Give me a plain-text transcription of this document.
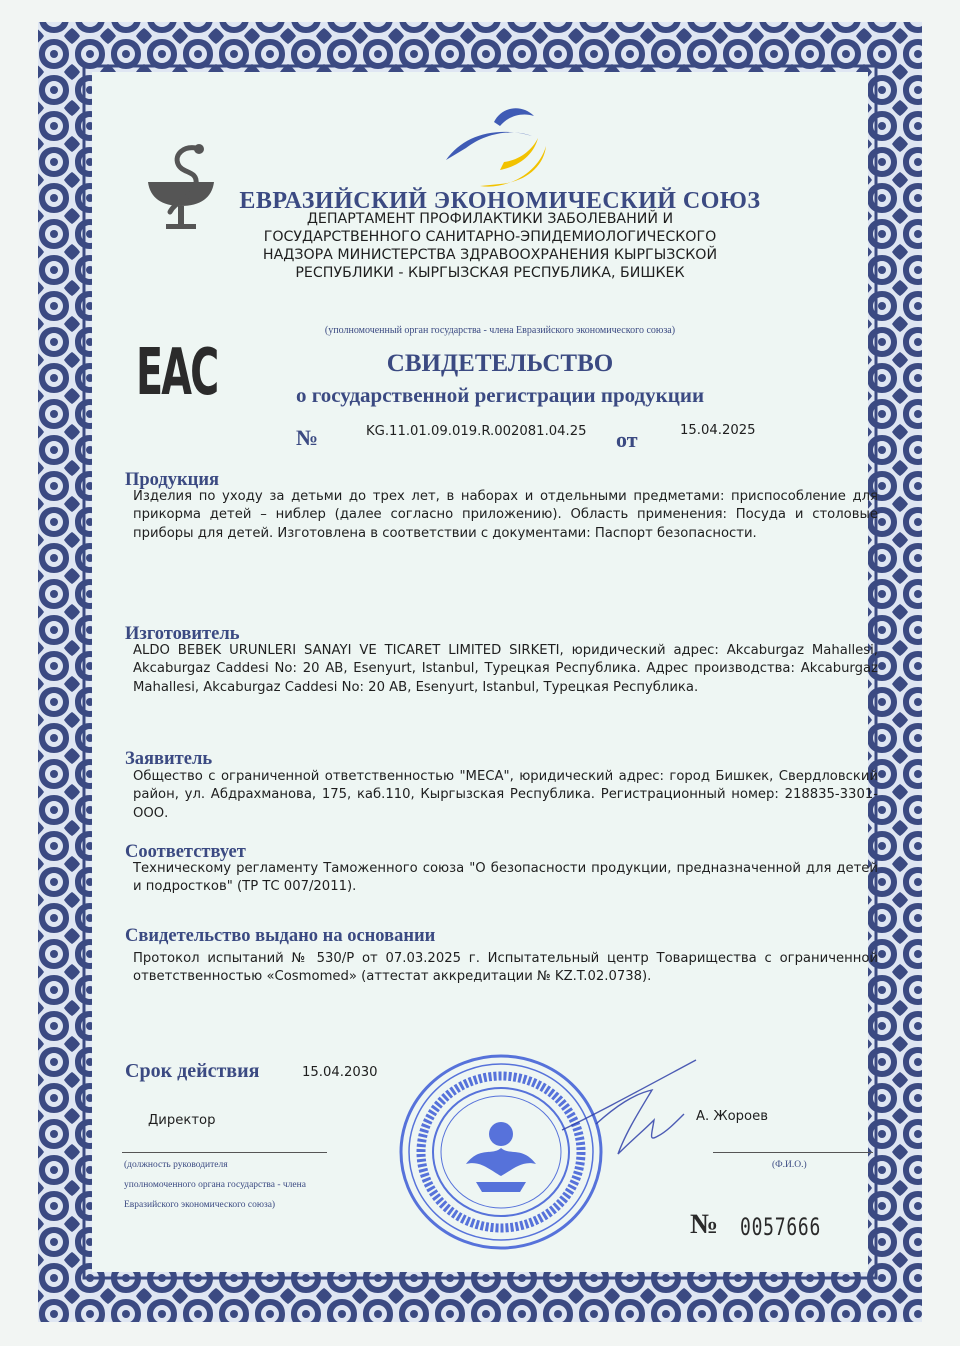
ЕВРАЗИЙСКИЙ ЭКОНОМИЧЕСКИЙ СОЮЗ
ДЕПАРТАМЕНТ ПРОФИЛАКТИКИ ЗАБОЛЕВАНИЙ И
ГОСУДАРСТВЕННОГО САНИТАРНО-ЭПИДЕМИОЛОГИЧЕСКОГО
НАДЗОРА МИНИСТЕРСТВА ЗДРАВООХРАНЕНИЯ КЫРГЫЗСКОЙ
РЕСПУБЛИКИ - КЫРГЫЗСКАЯ РЕСПУБЛИКА, БИШКЕК
(уполномоченный орган государства - члена Евразийского экономического союза)
ЕАС	СВИДЕТЕЛЬСТВО
о государственной регистрации продукции
№	KG.11.01.09.019.R.002081.04.25 от	15.04.2025
Продукция
Изделия по уходу за детьми до трех лет, в наборах и отдельными предметами: приспособление для прикорма детей – ниблер (далее согласно приложению). Область применения: Посуда и столовые приборы для детей. Изготовлена в соответствии с документами: Паспорт безопасности.
Изготовитель
ALDO BEBEK URUNLERI SANAYI VE TICARET LIMITED SIRKETI, юридический адрес: Akcaburgaz Mahallesi, Akcaburgaz Caddesi No: 20 AB, Esenyurt, Istanbul, Турецкая Республика. Адрес производства: Akcaburgaz Mahallesi, Akcaburgaz Caddesi No: 20 AB, Esenyurt, Istanbul, Турецкая Республика.
Заявитель
Общество с ограниченной ответственностью "МЕСА", юридический адрес: город Бишкек, Свердловский район, ул. Абдрахманова, 175, каб.110, Кыргызская Республика. Регистрационный номер: 218835-3301-ООО.
Соответствует
Техническому регламенту Таможенного союза "О безопасности продукции, предназначенной для детей и подростков" (ТР ТС 007/2011).
Свидетельство выдано на основании
Протокол испытаний № 530/Р от 07.03.2025 г. Испытательный центр Товарищества с ограниченной ответственностью «Cosmomed» (аттестат аккредитации № KZ.T.02.0738).
Срок действия	15.04.2030
Директор
(должность руководителя
уполномоченного органа государства - члена
Евразийского экономического союза)
А. Жороев
(Ф.И.О.)
№ 0057666
